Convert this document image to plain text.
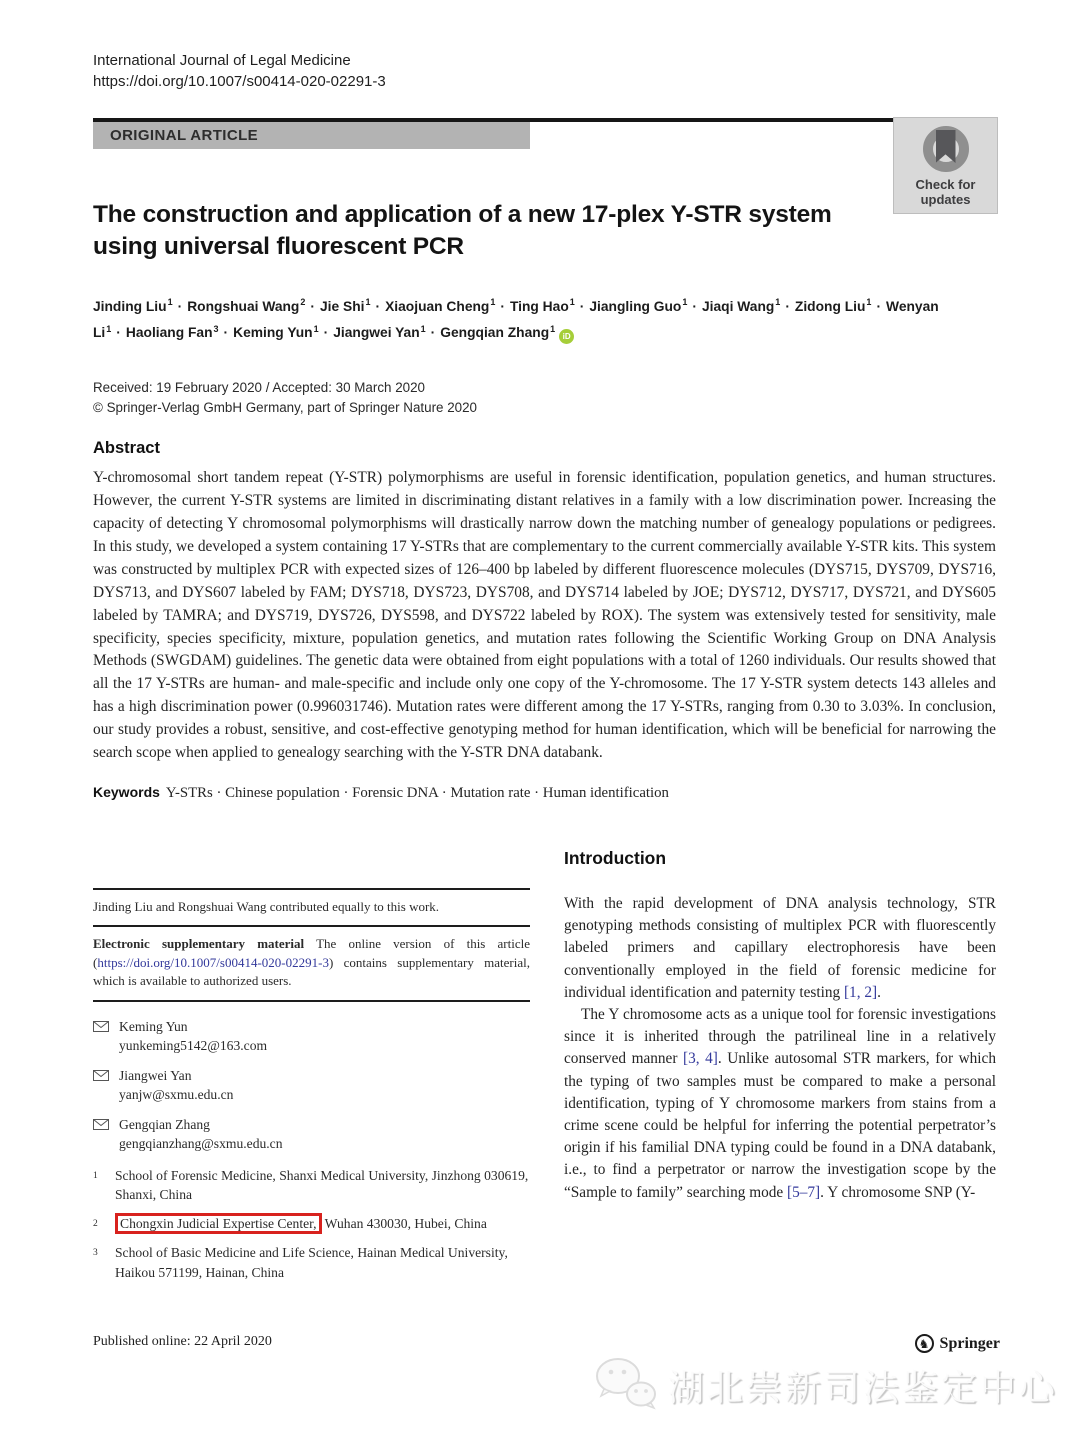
International Journal of Legal Medicine
https://doi.org/10.1007/s00414-020-02291-3
ORIGINAL ARTICLE
Check for updates
The construction and application of a new 17-plex Y-STR system using universal fluorescent PCR
Jinding Liu$^1$ · Rongshuai Wang$^2$ · Jie Shi$^1$ · Xiaojuan Cheng$^1$ · Ting Hao$^1$ · Jiangling Guo$^1$ · Jiaqi Wang$^1$ · Zidong Liu$^1$ · Wenyan $Li^1$ · Haoliang Fan$^3$ · Keming Yun$^1$ · Jiangwei Yan$^1$ · Gengqian Zhang$^1$iD
Received: 19 February 2020 / Accepted: 30 March 2020
© Springer-Verlag GmbH Germany, part of Springer Nature 2020
Abstract

Y-chromosomal short tandem repeat (Y-STR) polymorphisms are useful in forensic identification, population genetics, and human structures. However, the current Y-STR systems are limited in discriminating distant relatives in a family with a low discrimination power. Increasing the capacity of detecting Y chromosomal polymorphisms will drastically narrow down the matching number of genealogy populations or pedigrees. In this study, we developed a system containing 17 Y-STRs that are complementary to the current commercially available Y-STR kits. This system was constructed by multiplex PCR with expected sizes of 126–400 bp labeled by different fluorescence molecules (DYS715, DYS709, DYS716, DYS713, and DYS607 labeled by FAM; DYS718, DYS723, DYS708, and DYS714 labeled by JOE; DYS712, DYS717, DYS721, and DYS605 labeled by TAMRA; and DYS719, DYS726, DYS598, and DYS722 labeled by ROX). The system was extensively tested for sensitivity, male specificity, species specificity, mixture, population genetics, and mutation rates following the Scientific Working Group on DNA Analysis Methods (SWGDAM) guidelines. The genetic data were obtained from eight populations with a total of 1260 individuals. Our results showed that all the 17 Y-STRs are human- and male-specific and include only one copy of the Y-chromosome. The 17 Y-STR system detects 143 alleles and has a high discrimination power (0.996031746). Mutation rates were different among the 17 Y-STRs, ranging from 0.30 to 3.03%. In conclusion, our study provides a robust, sensitive, and cost-effective genotyping method for human identification, which will be beneficial for narrowing the search scope when applied to genealogy searching with the Y-STR DNA databank.

Keywords Y-STRs · Chinese population · Forensic DNA · Mutation rate · Human identification

Jinding Liu and Rongshuai Wang contributed equally to this work.

Electronic supplementary material The online version of this article (https://doi.org/10.1007/s00414-020-02291-3) contains supplementary material, which is available to authorized users.

Keming Yun
yunkeming5142@163.com
Jiangwei Yan
yanjw@sxmu.edu.cn
Gengqian Zhang
gengqianzhang@sxmu.edu.cn
1	School of Forensic Medicine, Shanxi Medical University, Jinzhong 030619, Shanxi, China
2	Chongxin Judicial Expertise Center, Wuhan 430030, Hubei, China
3	School of Basic Medicine and Life Science, Hainan Medical University, Haikou 571199, Hainan, China
Introduction

With the rapid development of DNA analysis technology, STR genotyping methods consisting of multiplex PCR with fluorescently labeled primers and capillary electrophoresis have been conventionally employed in the field of forensic medicine for individual identification and paternity testing [1, 2].

The Y chromosome acts as a unique tool for forensic investigations since it is inherited through the patrilineal line in a relatively conserved manner [3, 4]. Unlike autosomal STR markers, for which the typing of two samples must be compared to make a personal identification, typing of Y chromosome markers from stains from a crime scene could be helpful for inferring the potential perpetrator’s origin if his familial DNA typing could be found in a DNA databank, i.e., to find a perpetrator or narrow the investigation scope by the “Sample to family” searching mode [5–7]. Y chromosome SNP (Y-

Published online: 22 April 2020	♞ Springer
湖北崇新司法鉴定中心
